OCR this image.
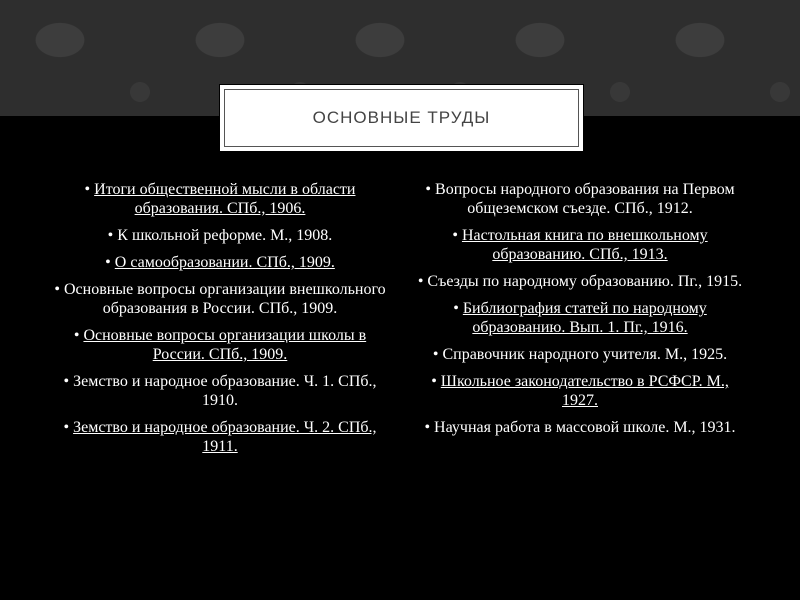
ОСНОВНЫЕ ТРУДЫ
• Итоги общественной мысли в области образования. СПб., 1906.
• К школьной реформе. М., 1908.
• О самообразовании. СПб., 1909.
• Основные вопросы организации внешкольного образования в России. СПб., 1909.
• Основные вопросы организации школы в России. СПб., 1909.
• Земство и народное образование. Ч. 1. СПб., 1910.
• Земство и народное образование. Ч. 2. СПб., 1911.
• Вопросы народного образования на Первом общеземском съезде. СПб., 1912.
• Настольная книга по внешкольному образованию. СПб., 1913.
• Съезды по народному образованию. Пг., 1915.
• Библиография статей по народному образованию. Вып. 1. Пг., 1916.
• Справочник народного учителя. М., 1925.
• Школьное законодательство в РСФСР. М., 1927.
• Научная работа в массовой школе. М., 1931.
